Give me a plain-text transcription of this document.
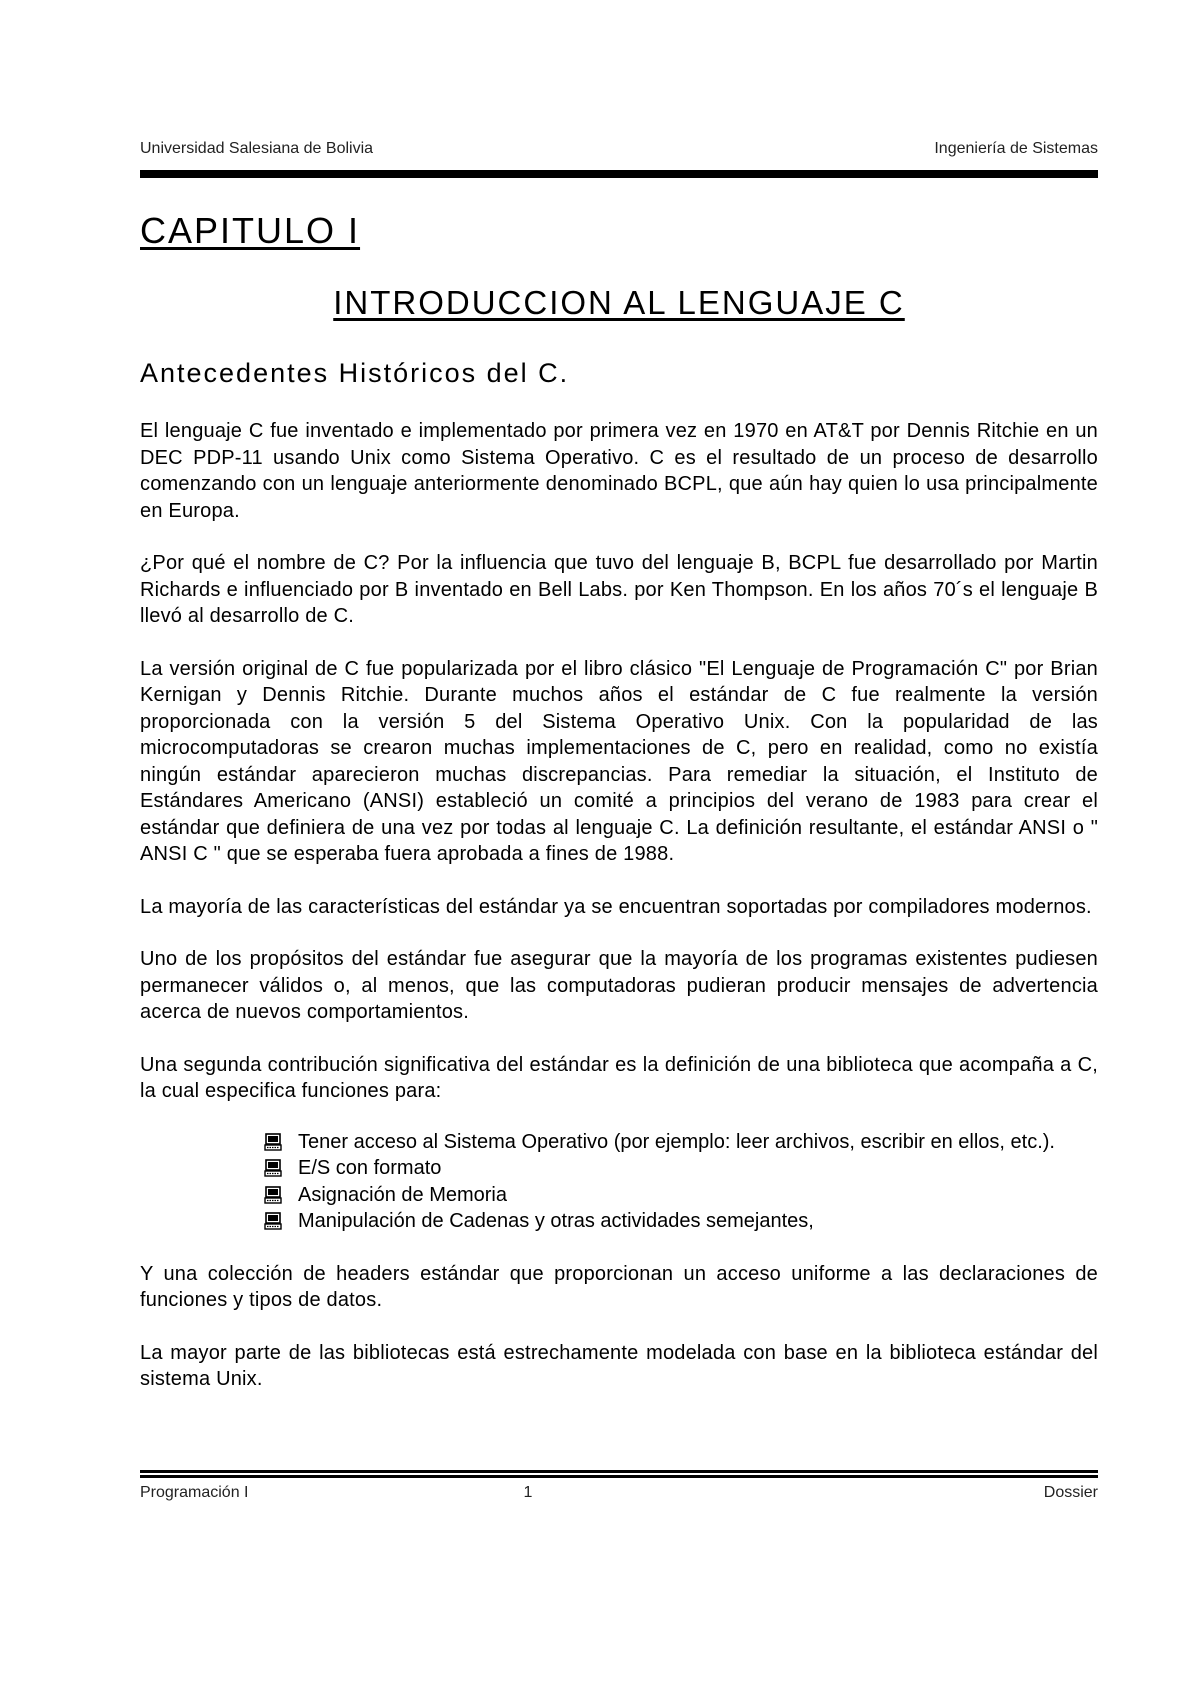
Universidad Salesiana de Bolivia	Ingeniería de Sistemas
CAPITULO I
INTRODUCCION AL LENGUAJE C
Antecedentes Históricos del C.

El lenguaje C fue inventado e implementado por primera vez en 1970 en AT&T por Dennis Ritchie en un DEC PDP-11 usando Unix como Sistema Operativo. C es el resultado de un proceso de desarrollo comenzando con un lenguaje anteriormente denominado BCPL, que aún hay quien lo usa principalmente en Europa.

¿Por qué el nombre de C? Por la influencia que tuvo del lenguaje B, BCPL fue desarrollado por Martin Richards e influenciado por B inventado en Bell Labs. por Ken Thompson. En los años 70´s el lenguaje B llevó al desarrollo de C.

La versión original de C fue popularizada por el libro clásico "El Lenguaje de Programación C" por Brian Kernigan y Dennis Ritchie. Durante muchos años el estándar de C fue realmente la versión proporcionada con la versión 5 del Sistema Operativo Unix. Con la popularidad de las microcomputadoras se crearon muchas implementaciones de C, pero en realidad, como no existía ningún estándar aparecieron muchas discrepancias. Para remediar la situación, el Instituto de Estándares Americano (ANSI) estableció un comité a principios del verano de 1983 para crear el estándar que definiera de una vez por todas al lenguaje C. La definición resultante, el estándar ANSI o " ANSI C " que se esperaba fuera aprobada a fines de 1988.

La mayoría de las características del estándar ya se encuentran soportadas por compiladores modernos.

Uno de los propósitos del estándar fue asegurar que la mayoría de los programas existentes pudiesen permanecer válidos o, al menos, que las computadoras pudieran producir mensajes de advertencia acerca de nuevos comportamientos.

Una segunda contribución significativa del estándar es la definición de una biblioteca que acompaña a C, la cual especifica funciones para:

Tener acceso al Sistema Operativo (por ejemplo: leer archivos, escribir en ellos, etc.).
E/S con formato
Asignación de Memoria
Manipulación de Cadenas y otras actividades semejantes,

Y una colección de headers estándar que proporcionan un acceso uniforme a las declaraciones de funciones y tipos de datos.

La mayor parte de las bibliotecas está estrechamente modelada con base en la biblioteca estándar del sistema Unix.

Programación I	1	Dossier
